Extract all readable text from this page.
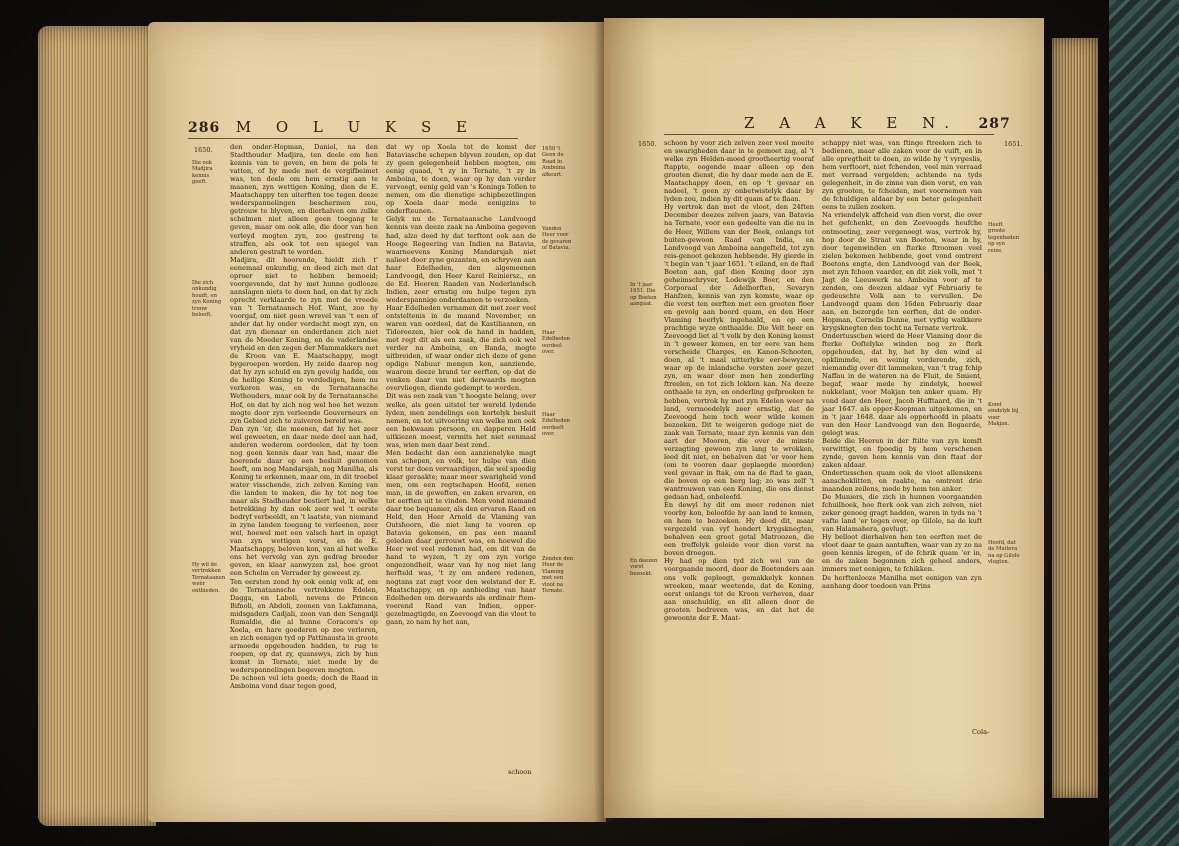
286 M O L U K S E
1650.
Die ook Madjira kennis geeft.
Die zich onkundig houdt, en zyn Koning trouw belooft.
Hy wil de vertrokken Ternataanen weêr ontbieden.

den onder-Hopman, Daniel, na den Stadthouder Madjira, ten deele om hen kennis van te geven, en hem de pols te vatten, of hy mede met de vergifbeimet was, ten deele om hem ernstig aan te maanen, zyn wettigen Koning, dien de E. Maatschappy ten uiterften toe tegen deeze wederspannelingen beschermen zou, getrouw te blyven, en dierhalven om zulke schelmen niet alleen geen toegang te geven, maar om ook alle, die door van hen verleyd mogten zyn, zoo gestreng te straffen, als ook tot een spiegel van anderen gestraft te worden.

Madjira, dit hoorende, hieldt zich t' eenemaal onkundig, en deed zich met dat oproer niet te hebben bemoeid; voorgevende, dat hy met hunne godlooze aanslagen niets te doen had, en dat hy zich oprecht verklaarde te zyn met de vreede van 't Ternataansch Hof. Want, zoo hy voorgaf, om niet geen wrevel van 't een of ander dat hy onder verdacht mogt zyn, en dat zyn dienaar en onderdanen zich niet van de Moeder Koning, en de vaderlandse vryheid en den zegen der Mammakkers met de Kroon van E. Maatschappy, mogt bygeroepen worden. Hy zeide daarop nog dat hy zyn schuld en zyn gevolg hadde, om de heilige Koning te verdedigen, hem nu verkoren was, en de Ternataansche Wethouders, maar ook by de Ternataansche Hof, en dat hy zich nog wel hoe het wezen mogte door zyn verleende Gouverneurs en zyn Gebied zich te zuiveren bereid was.

Dan zyn 'er, die meenen, dat hy het zeer wel geweeten, en daar mede deel aan had, anderen wederom oordeelen, dat hy toen nog geen kennis daar van had, maar die hoerende daar op een besluit genomen heeft, om nog Mandarsjah, nog Manilha, als Koning te erkennen, maar om, in dit troebel water visschende, zich zelven Koning van die landen te maken, die hy tot nog toe maar als Stadhouder bestiert had, in welke betrekking hy dan ook zeer wel 't eerste bedryf verbeeldt, en 't laatste, van niemand in zyne landen toegang te verleenen, zeer wel, hoewel met een valsch hart in opzigt van zyn wettigen vorst, en de E. Maatschappy, beloven kon, van al het welke ons het vervolg van zyn gedrag breeder geven, en klaar aanwyzen zal, hoe groot een Schelm en Verrader hy geweest zy.

Ten eersten zond hy ook eenig volk af, om de Ternataansche vertrokkene Edelen, Dagga, en Laboli, nevens de Princen Bifnoli, en Abdoli, zoonen van Lakfamana, midsgaders Cadjali, zoon van den Sengadji Rumaldie, die al hunne Coracora's op Xoela, en hare goederen op zee verloren, en zich eenigen tyd op Pattinausta in groote armoede opgehouden hadden, te rug te roepen, op dat zy, quanswys, zich by hun komst in Ternate, niet mede by de wederspannelingen begeven mogten.

De schoen vel iets goeds; doch de Raad in Amboina vond daar tegen goed,

dat wy op Xoela tot de komst der Bataviasche schepen blyven zouden, op dat zy geen gelegenheid hebben mogten, om eenig quaad, 't zy in Ternate, 't zy in Amboina, te doen, waar op hy dan verder vervoegt, eenig geld van 's Konings Tollen te nemen, om die dienstige schipbezetlingen op Xoela daar mede eenigzins te onderfteunen.

Gelyk nu de Ternataansche Landvoogd kennis van deeze zaak na Amboina gegeven had, alzo deed hy dat terftont ook aan de Hooge Regeering van Indien na Batavia, waarneevens Koning Mandarsjah niet nalieet door zyne gezanten, en schryven aan haar Edelheden, den algemeenen Landvoogd, den Heer Karel Reiniersz., en de Ed. Heeren Raaden van Nederlandsch Indien, zeer ernstig om hulpe tegen zyn wederspannige onderdaanen te verzoeken.

Haar Edelheden vernamen dit met zeer veel ontsteltenis in de maand November, en waren van oordeel, dat de Kastiliaanen, en Tidoreezen, hier ook de hand in hadden, met regt dit als een zaak, die zich ook wel verder na Amboina, en Banda, mogte uitbreiden, of waar onder zich deze of gene opdige Nabuur mengen kon, aanziende, waarom deeze brand ter eerften, op dat de vonken daar van niet derwaards mogten overvliegen, diende gedempt te worden.

Dit was een zaak van 't hoogste belang, over welke, als geen uitstel ter wereld lydende lyden, men zendelings een kortelyk besluit nemen, en tot uitvoering van welke men ook een bekwaam persoon, en dapperen Held uitkiezen moest, vermits het niet eenmaal was, wien men daar best zond.

Men bedacht dan een aanzienelyke magt van schepen, en volk, ter hulpe van dien vorst ter doen vervaardigen, die wel spoedig klaar geraakte; maar meer swarigheid vond men, om een regtschapen Hoofd, eenen man, in de geweften, en zaken ervaren, en tot eerften uit te vinden. Men vond niemand daar toe bequamer, als den ervaren Raad en Held, den Heer Arnold de Vlaming van Outshoorn, die niet lang te vooren op Batavia gekomen, en pas een maand geleden daar gerrouwt was, en hoewel die Heer wel veel redenen had, om dit van de hand te wyzen, 't zy om zyn vorige ongezondheit, waar van hy nog niet lang herfteld was, 't zy om andere redenen, nogtans zat zugt voor den welstand der E. Maatschappy, en op aanbieding van haar Edelheden om derwaards als ordinair ftem-voerend Raad van Indien, opper-gezelmagtigde, en Zeevoogd van die vloot te gaan, zo nam hy het aan,

1650 't Geen de Raad in Amboina afkeurt.
Vanden Heer voor de gevaren of Batavia.
Haar Edelheden oordeel over.
Haar Edelheden oordeelt over.
Zenden den Heer de Vlaming met een vloot na Ternate.
schoon
Z A A K E N. 287
1650.	1651.
In 't jaar 1651. Die op Boeton aangaat.
En deezen vorst bezoekt.

schoon hy voor zich zelven zeer veel moeite en swarigheden daar in te gemoet zag, al 't welke zyn Helden-moed grootheertig vooraf ftappte, oogende maar alleen op den grooten dienst, die hy daar mede aan de E. Maatschappy doen, en op 't gevaar en nadeel, 't geen zy onbetwistelyk daar by lyden zou, indien hy dit quam af te flaan.

Hy vertrok dan met de vloot, den 24ften December deezes zelven jaars, van Batavia na Ternate, voor een gedeelte van die nu in de Heer, Willem van der Beek, onlangs tot buiten-gewoon Raad van India, en Landvoogd van Amboina aangefteld, tot zyn reis-genoot gekozen hebbende. Hy gierde in 't begin van 't jaar 1651. 't eiland, en de ftad Boeton aan, gaf dien Koning door zyn geheimschryver, Lodewijk Boer, en den Corporaal der Adelborften, Sevaryn Hanfzen, kennis van zyn komste, waar op die vorst ten eerften met een grooten floer en gevolg aan boord quam, en den Heer Vlaming heerlyk ingehaald, en op een prachtige wyze onthaalde. Die Velt heer en Zeevoogd liet al 't volk by den Koning komst in 't geweer komen, en ter eere van hem verscheide Charges, en Kanon-Schooten, doen, al 't maal uitterlyke eer-bewyzen, waar op de inlandsche vorsten zeer gezet zyn, en waar door men hen zonderling ftreelen, en tot zich lokken kan. Na deeze onthaale te zyn, en onderling gefprooken te hebben, vertrok hy met zyn Edelen weer na land, vermoedelyk zeer ernstig, dat de Zeevoogd hem toch weer wilde komen bezoeken. Dit te weigeren gedoge niet de zaak van Ternate, maar zyn kennis van den aart der Mooren, die over de minste verzagting gewoon zyn lang te wrokken, leed dit niet, en behalven dat 'er voor hem (om te vooren daar geplaegde moorden) veel gevaar in ftak, om na de ftad te gaan, die boven op een berg lag; zo was zelf 't wantrouwen van een Koning, die ons dienst gedaan had, onbeleefd.

En dewyl hy dit om meer redenen niet voorby kon, beloofde hy aan land te komen, en hem te bezoeken. Hy deed dit, maar vergezeld van vyf hondert krygsknegten, behalven een groot getal Matroozen, die een treffelyk geleide voor dien vorst na boven droegen.

Hy had op dien tyd zich wel van de voorgaande moord, door de Boetonders aan ons volk gepleegt, gemakkelyk konnen wreeken, maar weetende, dat de Koning, eerst onlangs tot de Kroon verheven, daar aan onschuldig, en dit alleen door de grooten bedreven was, en dat het de gewoonte der E. Maat-

schappy niet was, van ftinge ftreeken zich te bedienen, maar alle zaken voor de vuift, en in alle opregtheit te doen, zo wilde hy 't vyrgeslis, hem verftoort, niet fchenden, veel min verraad met verraad vergelden; achtende na tyds gelegenheit, in de zinne van dien vorst, en van zyn grooten, te fcheiden, met voornemen van de fchuldigen aldaar by een beter gelegenheit eens te zullen zoeken.

Na vriendelyk affcheid van dien vorst, die over het gefchenkt, en den Zeevoogds heufche ontmoeting, zeer vergenoegt was, vertrok hy, hop door de Straat van Boeton, waar in hy, door tegenwinden en fterke ftroomen veel zielen bekomen hebbende, goet vond omtrent Boetons engte, den Landvoogd van der Beek, met zyn fchoon vaarder, en dit ziek volk, met 't Jagt de Leeuwerk na Amboina voor af te zenden, om deezen aldaar vyf Februariy te gedeuschte Volk aan te vervullen. De Landvoogd quam den 16den Februariy daar aan, en bezorgde ten eerften, dat de onder-Hopman, Cornelis Dunne, met vyftig walkkere krygsknegten den tocht na Ternate vertrok.

Ondertusschen wierd de Heer Vlaming door de fterke Ooftelyke winden nog zo fterk opgehouden, dat hy, het hy den wind al opklimmde, en weinig vorderende, zich, niemandig over dit lammeken, van 't trag fchip Naffau in de wateren na de Fluit, de Smient, begaf, waar mede hy zindelyk, hoewel nukkelant, voor Makjan ten anker quam. Hy vond daar den Heer, Jacob Hufftaard, die in 't jaar 1647. als opper-Koopman uitgekomen, en in 't jaar 1648. daar als opperhoofd in plaats van den Heer Landvoogd van den Bogaerde, gelegt was.

Beide die Heeren in der ftilte van zyn komft verwittigt, en fpoedig by hem verschenen zynde, gaven hem kennis van den ftaat der zaken aldaar.

Ondertusschen quam ook de vloot allenskens aanschoklitten, en raakte, na omtrent drie maanden zeilens, mede by hem ten anker.

De Muniers, die zich in hunnen voorgaanden fchuilhoek, hoe fterk ook van zich zelven, niet zeker genoeg gragt hadden, waren in tyds na 't vafte land 'er tegen over, op Gilolo, na de kuft van Halamahera, gevlugt.

Hy belloot dierhalven hen ten eerften met de vloot daar te gaan aantaften, waar van zy zo na geen kennis kregen, of de fchrik quam 'er in, en de zaken begonnen zich geheel anders, immers met eenigen, te fchikken.

De herftenlooze Manilha met eenigen van zyn aanhang door toedoen van Prins

Heeft groote tegenheden op syn reize.
Komt eindelyk bij voor Makjan.
Hoofd, dat de Muitera na op Gilolo vlugten.
Cola-
